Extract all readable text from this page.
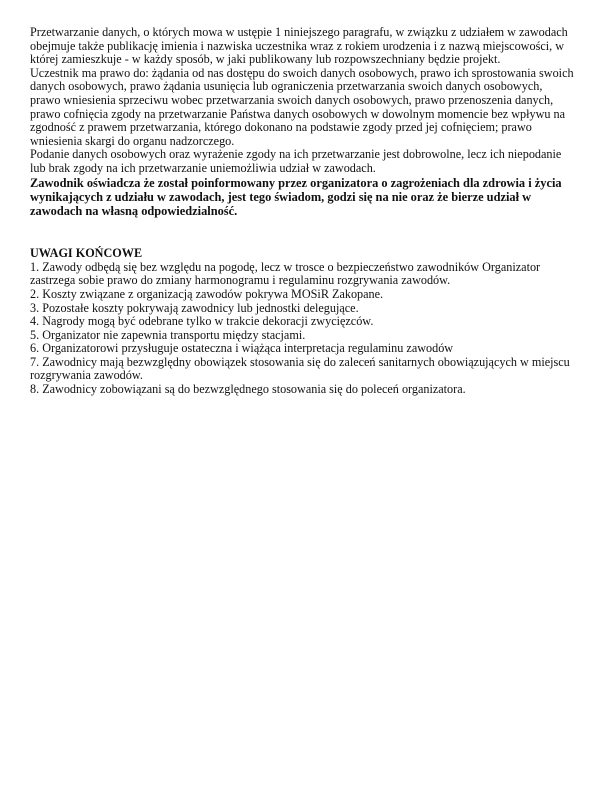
Przetwarzanie danych, o których mowa w ustępie 1 niniejszego paragrafu, w związku z udziałem w zawodach obejmuje także publikację imienia i nazwiska uczestnika wraz z rokiem urodzenia i z nazwą miejscowości, w której zamieszkuje - w każdy sposób, w jaki publikowany lub rozpowszechniany będzie projekt.

Uczestnik ma prawo do: żądania od nas dostępu do swoich danych osobowych, prawo ich sprostowania swoich danych osobowych, prawo żądania usunięcia lub ograniczenia przetwarzania swoich danych osobowych, prawo wniesienia sprzeciwu wobec przetwarzania swoich danych osobowych, prawo przenoszenia danych, prawo cofnięcia zgody na przetwarzanie Państwa danych osobowych w dowolnym momencie bez wpływu na zgodność z prawem przetwarzania, którego dokonano na podstawie zgody przed jej cofnięciem; prawo wniesienia skargi do organu nadzorczego.

Podanie danych osobowych oraz wyrażenie zgody na ich przetwarzanie jest dobrowolne, lecz ich niepodanie lub brak zgody na ich przetwarzanie uniemożliwia udział w zawodach.

Zawodnik oświadcza że został poinformowany przez organizatora o zagrożeniach dla zdrowia i życia wynikających z udziału w zawodach, jest tego świadom, godzi się na nie oraz że bierze udział w zawodach na własną odpowiedzialność.

UWAGI KOŃCOWE

1. Zawody odbędą się bez względu na pogodę, lecz w trosce o bezpieczeństwo zawodników Organizator zastrzega sobie prawo do zmiany harmonogramu i regulaminu rozgrywania zawodów.
2. Koszty związane z organizacją zawodów pokrywa MOSiR Zakopane.
3. Pozostałe koszty pokrywają zawodnicy lub jednostki delegujące.
4. Nagrody mogą być odebrane tylko w trakcie dekoracji zwycięzców.
5. Organizator nie zapewnia transportu między stacjami.
6. Organizatorowi przysługuje ostateczna i wiążąca interpretacja regulaminu zawodów
7. Zawodnicy mają bezwzględny obowiązek stosowania się do zaleceń sanitarnych obowiązujących w miejscu rozgrywania zawodów.
8. Zawodnicy zobowiązani są do bezwzględnego stosowania się do poleceń organizatora.
